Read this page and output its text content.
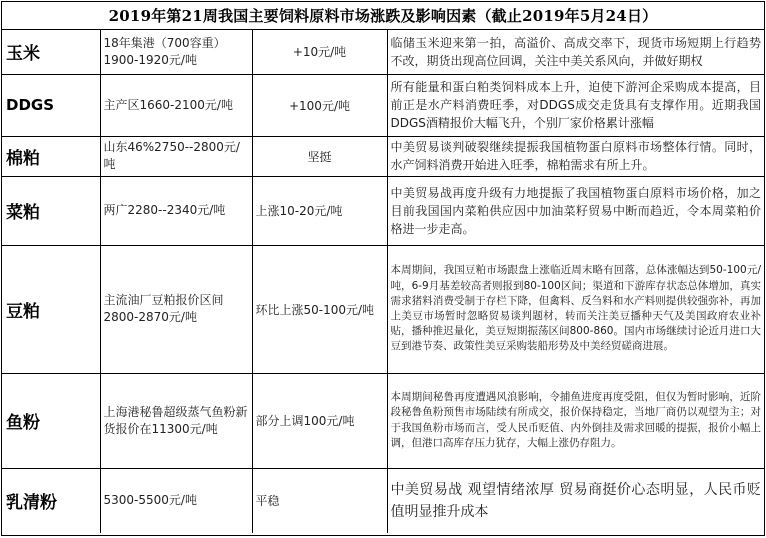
2019年第21周我国主要饲料原料市场涨跌及影响因素（截止2019年5月24日）
玉米	18年集港（700容重）1900-1920元/吨	+10元/吨	临储玉米迎来第一拍，高溢价、高成交率下，现货市场短期上行趋势不改，期货出现高位回调，关注中美关系风向，并做好期权
DDGS	主产区1660-2100元/吨	+100元/吨	所有能量和蛋白粕类饲料成本上升，迫使下游河企采购成本提高，目前正是水产料消费旺季，对DDGS成交走货具有支撑作用。近期我国DDGS酒精报价大幅飞升，个别厂家价格累计涨幅
棉粕	山东46%2750--2800元/吨	坚挺	中美贸易谈判破裂继续提振我国植物蛋白原料市场整体行情。同时，水产饲料消费开始进入旺季，棉粕需求有所上升。
菜粕	两广2280--2340元/吨	上涨10-20元/吨	中美贸易战再度升级有力地提振了我国植物蛋白原料市场价格，加之目前我国国内菜粕供应因中加油菜籽贸易中断而趋近，令本周菜粕价格进一步走高。
豆粕	主流油厂豆粕报价区间2800-2870元/吨	环比上涨50-100元/吨	本周期间，我国豆粕市场跟盘上涨临近周末略有回落，总体涨幅达到50-100元/吨，6-9月基差较高者则报到80-100区间；渠道和下游库存状态总体增加，真实需求猪料消费受制于存栏下降，但禽料、反刍料和水产料则提供较强弥补，再加上美豆市场暂时忽略贸易谈判题材，转而关注美豆播种天气及美国政府农业补贴，播种推迟量化，美豆短期振荡区间800-860。国内市场继续讨论近月进口大豆到港节奏、政策性美豆采购装船形势及中美经贸磋商进展。
鱼粉	上海港秘鲁超级蒸气鱼粉新货报价在11300元/吨	部分上调100元/吨	本周期间秘鲁再度遭遇风浪影响，令捕鱼进度再度受阻，但仅为暂时影响，近阶段秘鲁鱼粉预售市场陆续有所成交，报价保持稳定，当地厂商仍以观望为主；对于我国鱼粉市场而言，受人民币贬值、内外倒挂及需求回暖的提振，报价小幅上调，但港口高库存压力犹存，大幅上涨仍存阻力。
乳清粉	5300-5500元/吨	平稳	中美贸易战 观望情绪浓厚 贸易商挺价心态明显，人民币贬值明显推升成本
